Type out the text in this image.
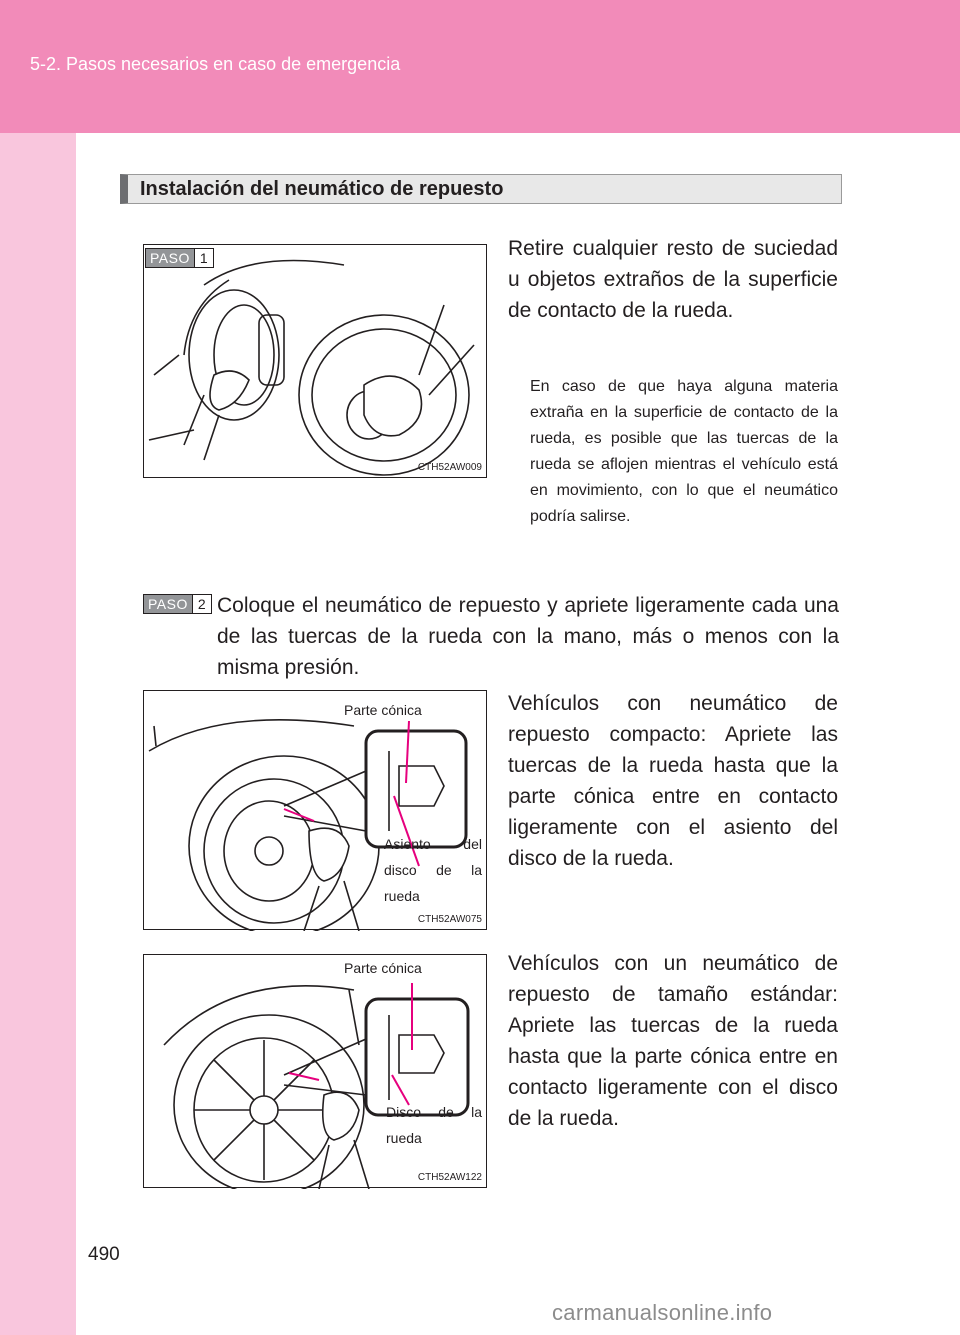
5-2. Pasos necesarios en caso de emergencia
490
Instalación del neumático de repuesto
PASO 1
CTH52AW009
Retire cualquier resto de suciedad u objetos extraños de la superficie de contacto de la rueda.
En caso de que haya alguna materia extraña en la superficie de contacto de la rueda, es posible que las tuercas de la rueda se aflojen mientras el vehículo está en movimiento, con lo que el neumático podría salirse.
PASO 2 Coloque el neumático de repuesto y apriete ligeramente cada una de las tuercas de la rueda con la mano, más o menos con la misma presión.
Parte cónica
Asiento del disco de la rueda
CTH52AW075
Vehículos con neumático de repuesto compacto: Apriete las tuercas de la rueda hasta que la parte cónica entre en contacto ligeramente con el asiento del disco de la rueda.
Parte cónica
Disco de la rueda
CTH52AW122
Vehículos con un neumático de repuesto de tamaño estándar: Apriete las tuercas de la rueda hasta que la parte cónica entre en contacto ligeramente con el disco de la rueda.
carmanualsonline.info
